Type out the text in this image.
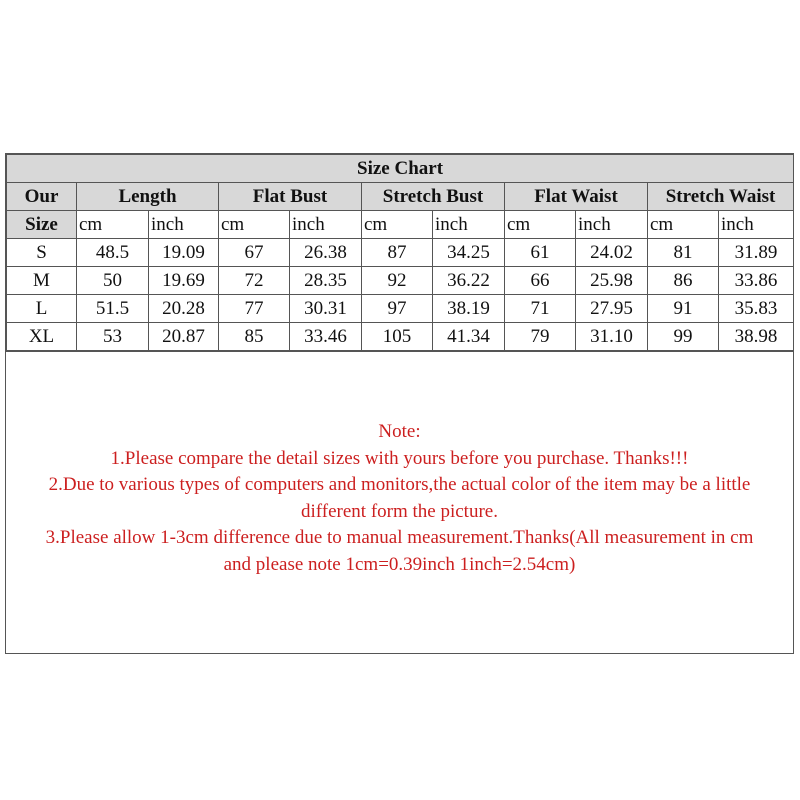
Size Chart										
Our	Length		Flat Bust		Stretch Bust		Flat Waist		Stretch Waist	
Size	cm	inch	cm	inch	cm	inch	cm	inch	cm	inch
S	48.5	19.09	67	26.38	87	34.25	61	24.02	81	31.89
M	50	19.69	72	28.35	92	36.22	66	25.98	86	33.86
L	51.5	20.28	77	30.31	97	38.19	71	27.95	91	35.83
XL	53	20.87	85	33.46	105	41.34	79	31.10	99	38.98
Note:
1.Please compare the detail sizes with yours before you purchase. Thanks!!!
2.Due to various types of computers and monitors,the actual color of the item may be a little
different form the picture.
3.Please allow 1-3cm difference due to manual measurement.Thanks(All measurement in cm
and please note 1cm=0.39inch 1inch=2.54cm)
